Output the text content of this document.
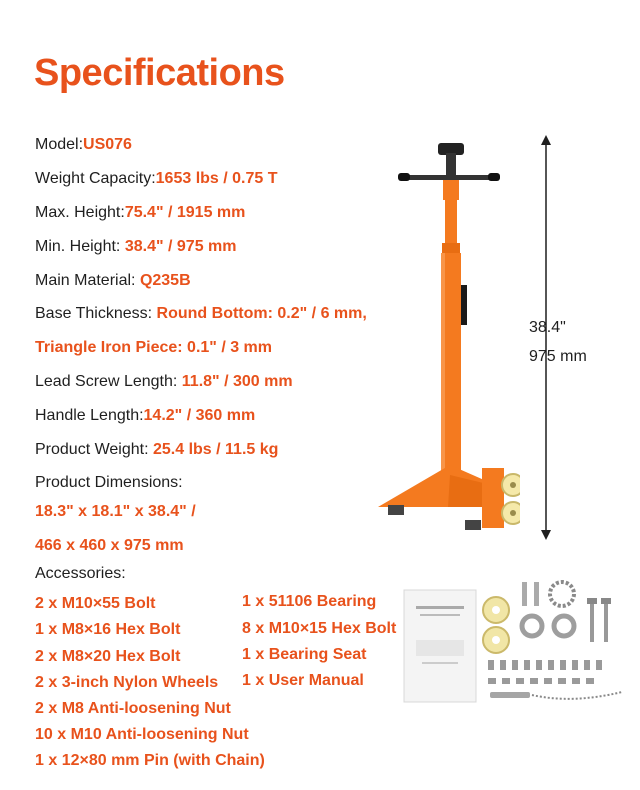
Specifications
Model:US076
Weight Capacity:1653 lbs / 0.75 T
Max. Height:75.4" / 1915 mm
Min. Height: 38.4" / 975 mm
Main Material: Q235B
Base Thickness: Round Bottom: 0.2" / 6 mm,
Triangle Iron Piece: 0.1" / 3 mm
Lead Screw Length: 11.8" / 300 mm
Handle Length:14.2" / 360 mm
Product Weight: 25.4 lbs / 11.5 kg
Product Dimensions:
18.3" x 18.1" x 38.4" /
466 x 460 x 975 mm
Accessories:
2 x M10×55 Bolt
1 x M8×16 Hex Bolt
2 x M8×20 Hex Bolt
2 x 3-inch Nylon Wheels
2 x M8 Anti-loosening Nut
10 x M10 Anti-loosening Nut
1 x 12×80 mm Pin (with Chain)
1 x 51106 Bearing
8 x M10×15 Hex Bolt
1 x Bearing Seat
1 x User Manual
38.4"
975 mm
